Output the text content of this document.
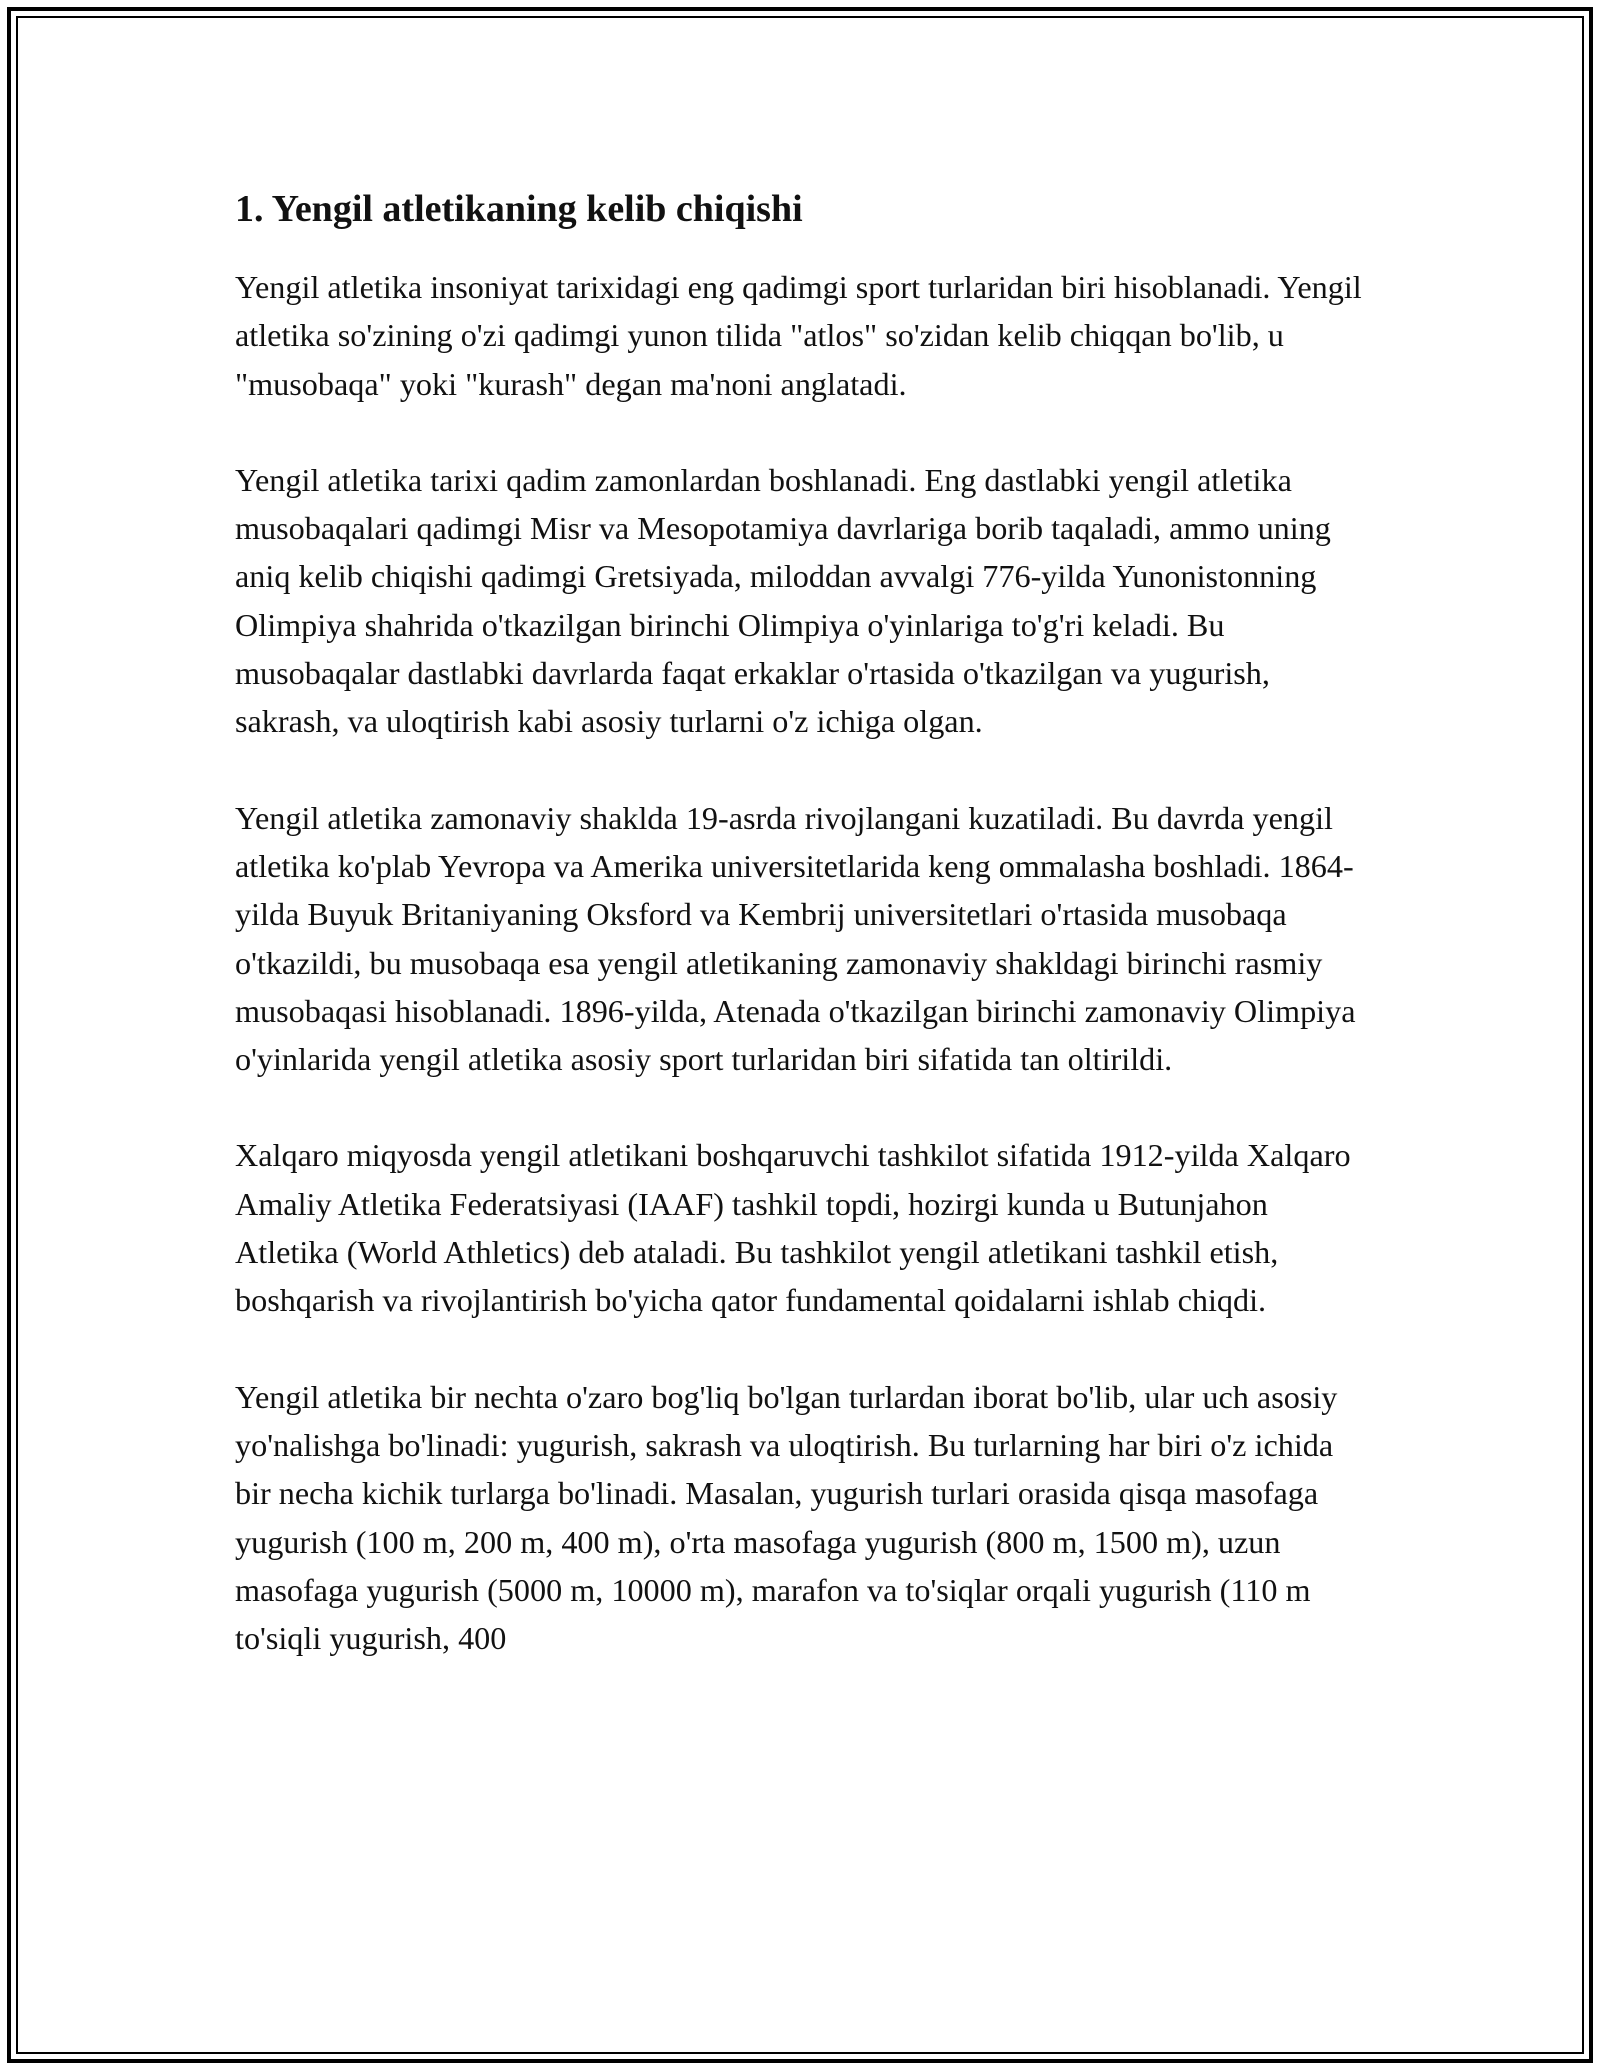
1. Yengil atletikaning kelib chiqishi

Yengil atletika insoniyat tarixidagi eng qadimgi sport turlaridan biri hisoblanadi. Yengil atletika so'zining o'zi qadimgi yunon tilida "atlos" so'zidan kelib chiqqan bo'lib, u "musobaqa" yoki "kurash" degan ma'noni anglatadi.

Yengil atletika tarixi qadim zamonlardan boshlanadi. Eng dastlabki yengil atletika musobaqalari qadimgi Misr va Mesopotamiya davrlariga borib taqaladi, ammo uning aniq kelib chiqishi qadimgi Gretsiyada, miloddan avvalgi 776-yilda Yunonistonning Olimpiya shahrida o'tkazilgan birinchi Olimpiya o'yinlariga to'g'ri keladi. Bu musobaqalar dastlabki davrlarda faqat erkaklar o'rtasida o'tkazilgan va yugurish, sakrash, va uloqtirish kabi asosiy turlarni o'z ichiga olgan.

Yengil atletika zamonaviy shaklda 19-asrda rivojlangani kuzatiladi. Bu davrda yengil atletika ko'plab Yevropa va Amerika universitetlarida keng ommalasha boshladi. 1864-yilda Buyuk Britaniyaning Oksford va Kembrij universitetlari o'rtasida musobaqa o'tkazildi, bu musobaqa esa yengil atletikaning zamonaviy shakldagi birinchi rasmiy musobaqasi hisoblanadi. 1896-yilda, Atenada o'tkazilgan birinchi zamonaviy Olimpiya o'yinlarida yengil atletika asosiy sport turlaridan biri sifatida tan oltirildi.

Xalqaro miqyosda yengil atletikani boshqaruvchi tashkilot sifatida 1912-yilda Xalqaro Amaliy Atletika Federatsiyasi (IAAF) tashkil topdi, hozirgi kunda u Butunjahon Atletika (World Athletics) deb ataladi. Bu tashkilot yengil atletikani tashkil etish, boshqarish va rivojlantirish bo'yicha qator fundamental qoidalarni ishlab chiqdi.

Yengil atletika bir nechta o'zaro bog'liq bo'lgan turlardan iborat bo'lib, ular uch asosiy yo'nalishga bo'linadi: yugurish, sakrash va uloqtirish. Bu turlarning har biri o'z ichida bir necha kichik turlarga bo'linadi. Masalan, yugurish turlari orasida qisqa masofaga yugurish (100 m, 200 m, 400 m), o'rta masofaga yugurish (800 m, 1500 m), uzun masofaga yugurish (5000 m, 10000 m), marafon va to'siqlar orqali yugurish (110 m to'siqli yugurish, 400
